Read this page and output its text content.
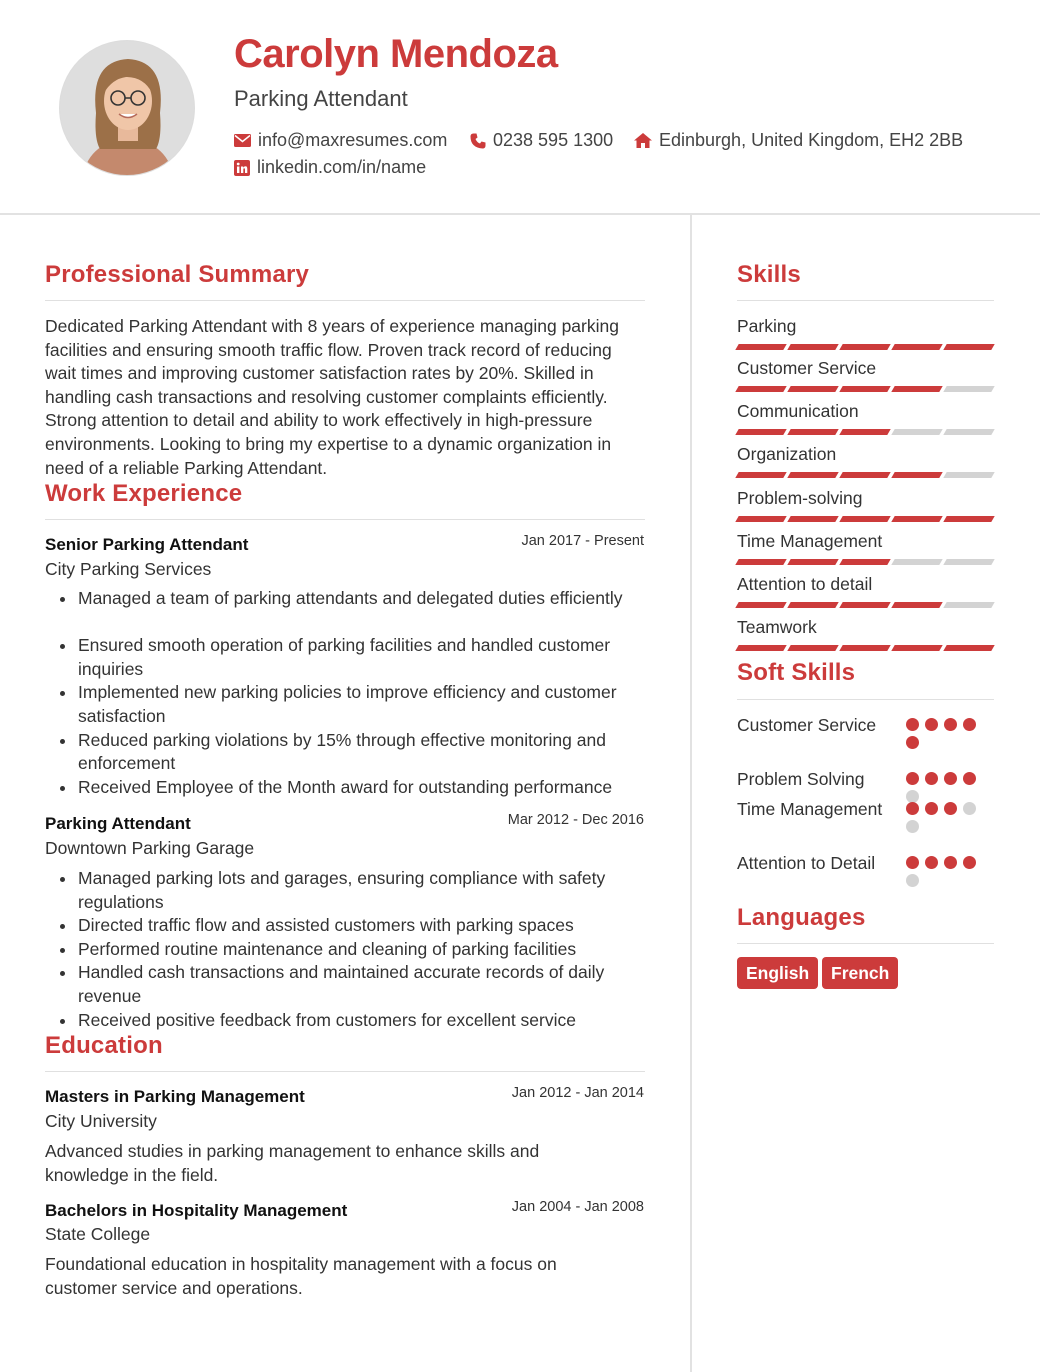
Carolyn Mendoza
Parking Attendant
info@maxresumes.com	0238 595 1300	Edinburgh, United Kingdom, EH2 2BB
linkedin.com/in/name
Professional Summary
Dedicated Parking Attendant with 8 years of experience managing parking facilities and ensuring smooth traffic flow. Proven track record of reducing wait times and improving customer satisfaction rates by 20%. Skilled in handling cash transactions and resolving customer complaints efficiently. Strong attention to detail and ability to work effectively in high-pressure environments. Looking to bring my expertise to a dynamic organization in need of a reliable Parking Attendant.
Work Experience
Senior Parking Attendant	Jan 2017 - Present
City Parking Services
Managed a team of parking attendants and delegated duties efficiently
Ensured smooth operation of parking facilities and handled customer inquiries
Implemented new parking policies to improve efficiency and customer satisfaction
Reduced parking violations by 15% through effective monitoring and enforcement
Received Employee of the Month award for outstanding performance
Parking Attendant	Mar 2012 - Dec 2016
Downtown Parking Garage
Managed parking lots and garages, ensuring compliance with safety regulations
Directed traffic flow and assisted customers with parking spaces
Performed routine maintenance and cleaning of parking facilities
Handled cash transactions and maintained accurate records of daily revenue
Received positive feedback from customers for excellent service
Education
Masters in Parking Management	Jan 2012 - Jan 2014
City University
Advanced studies in parking management to enhance skills and knowledge in the field.
Bachelors in Hospitality Management	Jan 2004 - Jan 2008
State College
Foundational education in hospitality management with a focus on customer service and operations.
Skills
Parking
Customer Service
Communication
Organization
Problem-solving
Time Management
Attention to detail
Teamwork
Soft Skills
Customer Service
Problem Solving
Time Management
Attention to Detail
Languages
English	French
